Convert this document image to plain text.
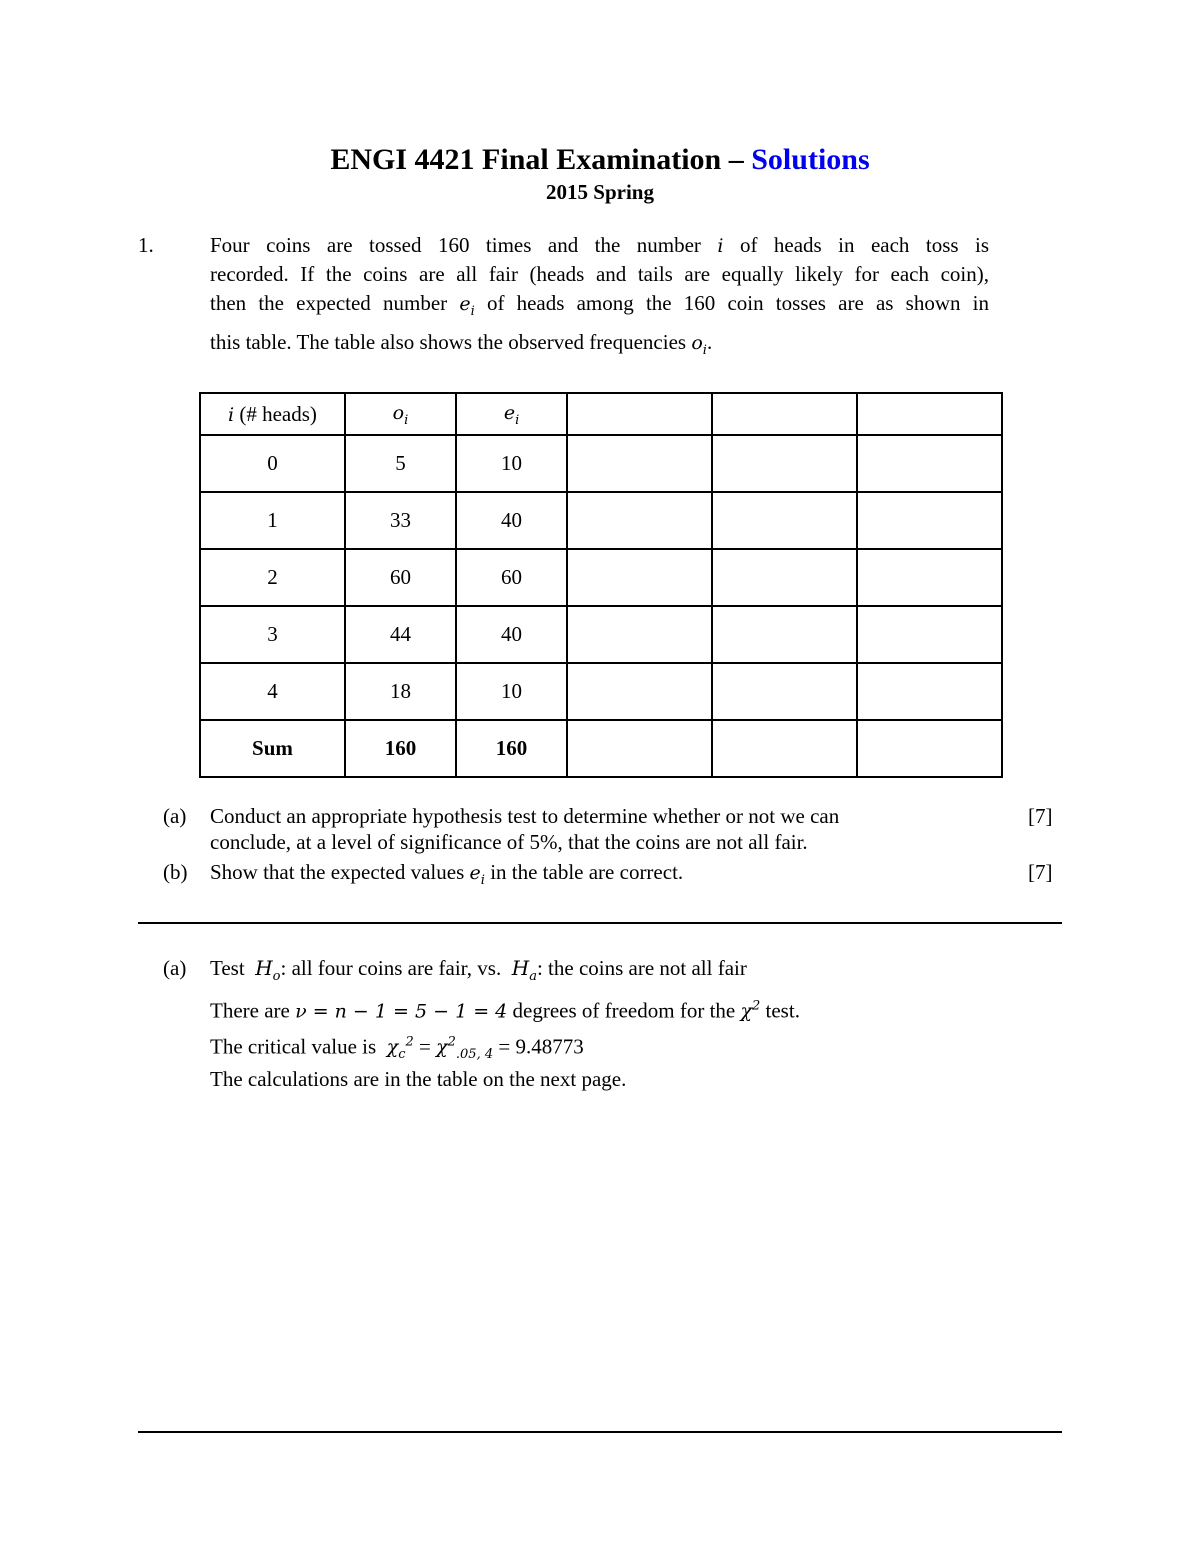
ENGI 4421 Final Examination – Solutions
2015 Spring
1.	Four coins are tossed 160 times and the number i of heads in each toss is
recorded. If the coins are all fair (heads and tails are equally likely for each coin),
then the expected number $e_i$ of heads among the 160 coin tosses are as shown in
this table. The table also shows the observed frequencies $o_i$.
i (# heads)	$o_i$	$e_i$			
0	5	10			
1	33	40			
2	60	60			
3	44	40			
4	18	10			
Sum	160	160			
(a) Conduct an appropriate hypothesis test to determine whether or not we can
conclude, at a level of significance of 5%, that the coins are not all fair.
[7]
(b) Show that the expected values $e_i$ in the table are correct.	[7]
(a) Test $H_o$: all four coins are fair, vs. $H_a$: the coins are not all fair
There are ν = n − 1 = 5 − 1 = 4 degrees of freedom for the $\chi^2$ test.
The critical value is $\chi_c^2 = \chi^2_{.05, 4} = 9.48773$
The calculations are in the table on the next page.
